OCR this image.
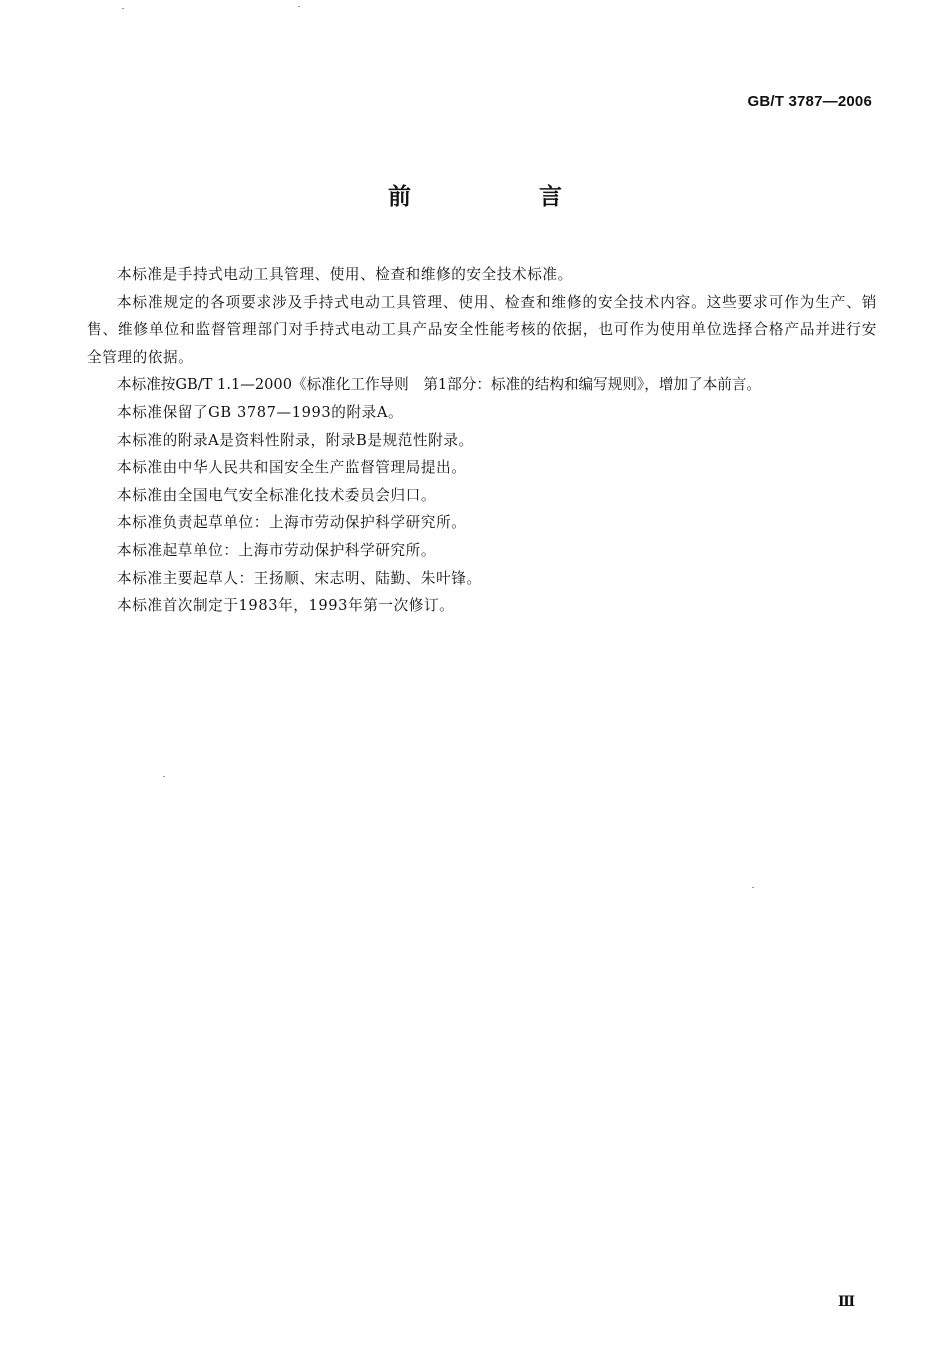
GB/T 3787—2006
前 言

本标准是手持式电动工具管理、使用、检查和维修的安全技术标准。

本标准规定的各项要求涉及手持式电动工具管理、使用、检查和维修的安全技术内容。这些要求可作为生产、销售、维修单位和监督管理部门对手持式电动工具产品安全性能考核的依据，也可作为使用单位选择合格产品并进行安全管理的依据。

本标准按GB/T 1.1—2000《标准化工作导则　第1部分：标准的结构和编写规则》，增加了本前言。

本标准保留了GB 3787—1993的附录A。

本标准的附录A是资料性附录，附录B是规范性附录。

本标准由中华人民共和国安全生产监督管理局提出。

本标准由全国电气安全标准化技术委员会归口。

本标准负责起草单位：上海市劳动保护科学研究所。

本标准起草单位：上海市劳动保护科学研究所。

本标准主要起草人：王扬顺、宋志明、陆勤、朱叶锋。

本标准首次制定于1983年，1993年第一次修订。

Ⅲ
